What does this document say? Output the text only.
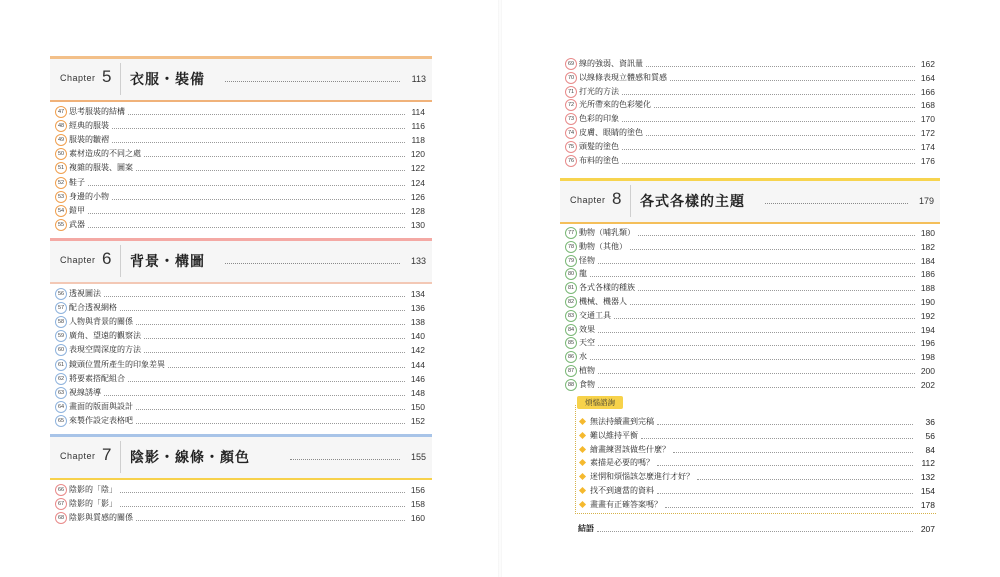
Chapter 5 衣服・裝備	113
47 思考服裝的結構	114
48 經典的服裝	116
49 服裝的皺褶	118
50 素材造成的不同之處	120
51 複雜的服裝、圖案	122
52 鞋子	124
53 身邊的小物	126
54 鎧甲	128
55 武器	130
Chapter 6 背景・構圖	133
56 透視圖法	134
57 配合透視網格	136
58 人物與背景的關係	138
59 廣角、望遠的觀察法	140
60 表現空間深度的方法	142
61 鏡頭位置所產生的印象差異	144
62 將要素搭配組合	146
63 視線誘導	148
64 畫面的版面與設計	150
65 來製作設定表格吧	152
Chapter 7 陰影・線條・顏色	155
66 陰影的「陰」	156
67 陰影的「影」	158
68 陰影與質感的關係	160
69 線的強弱、資訊量	162
70 以線條表現立體感和質感	164
71 打光的方法	166
72 光所帶來的色彩變化	168
73 色彩的印象	170
74 皮膚、眼睛的塗色	172
75 頭髮的塗色	174
76 布料的塗色	176
Chapter 8 各式各樣的主題	179
77 動物（哺乳類）	180
78 動物（其他）	182
79 怪物	184
80 龍	186
81 各式各樣的種族	188
82 機械、機器人	190
83 交通工具	192
84 效果	194
85 天空	196
86 水	198
87 植物	200
88 食物	202
煩惱諮詢
無法持續畫到完稿	36
難以維持平衡	56
繪畫練習該做些什麼？	84
素描是必要的嗎？	112
迷惘和煩惱該怎麼進行才好？	132
找不到適當的資料	154
畫畫有正確答案嗎？	178
結語	207
